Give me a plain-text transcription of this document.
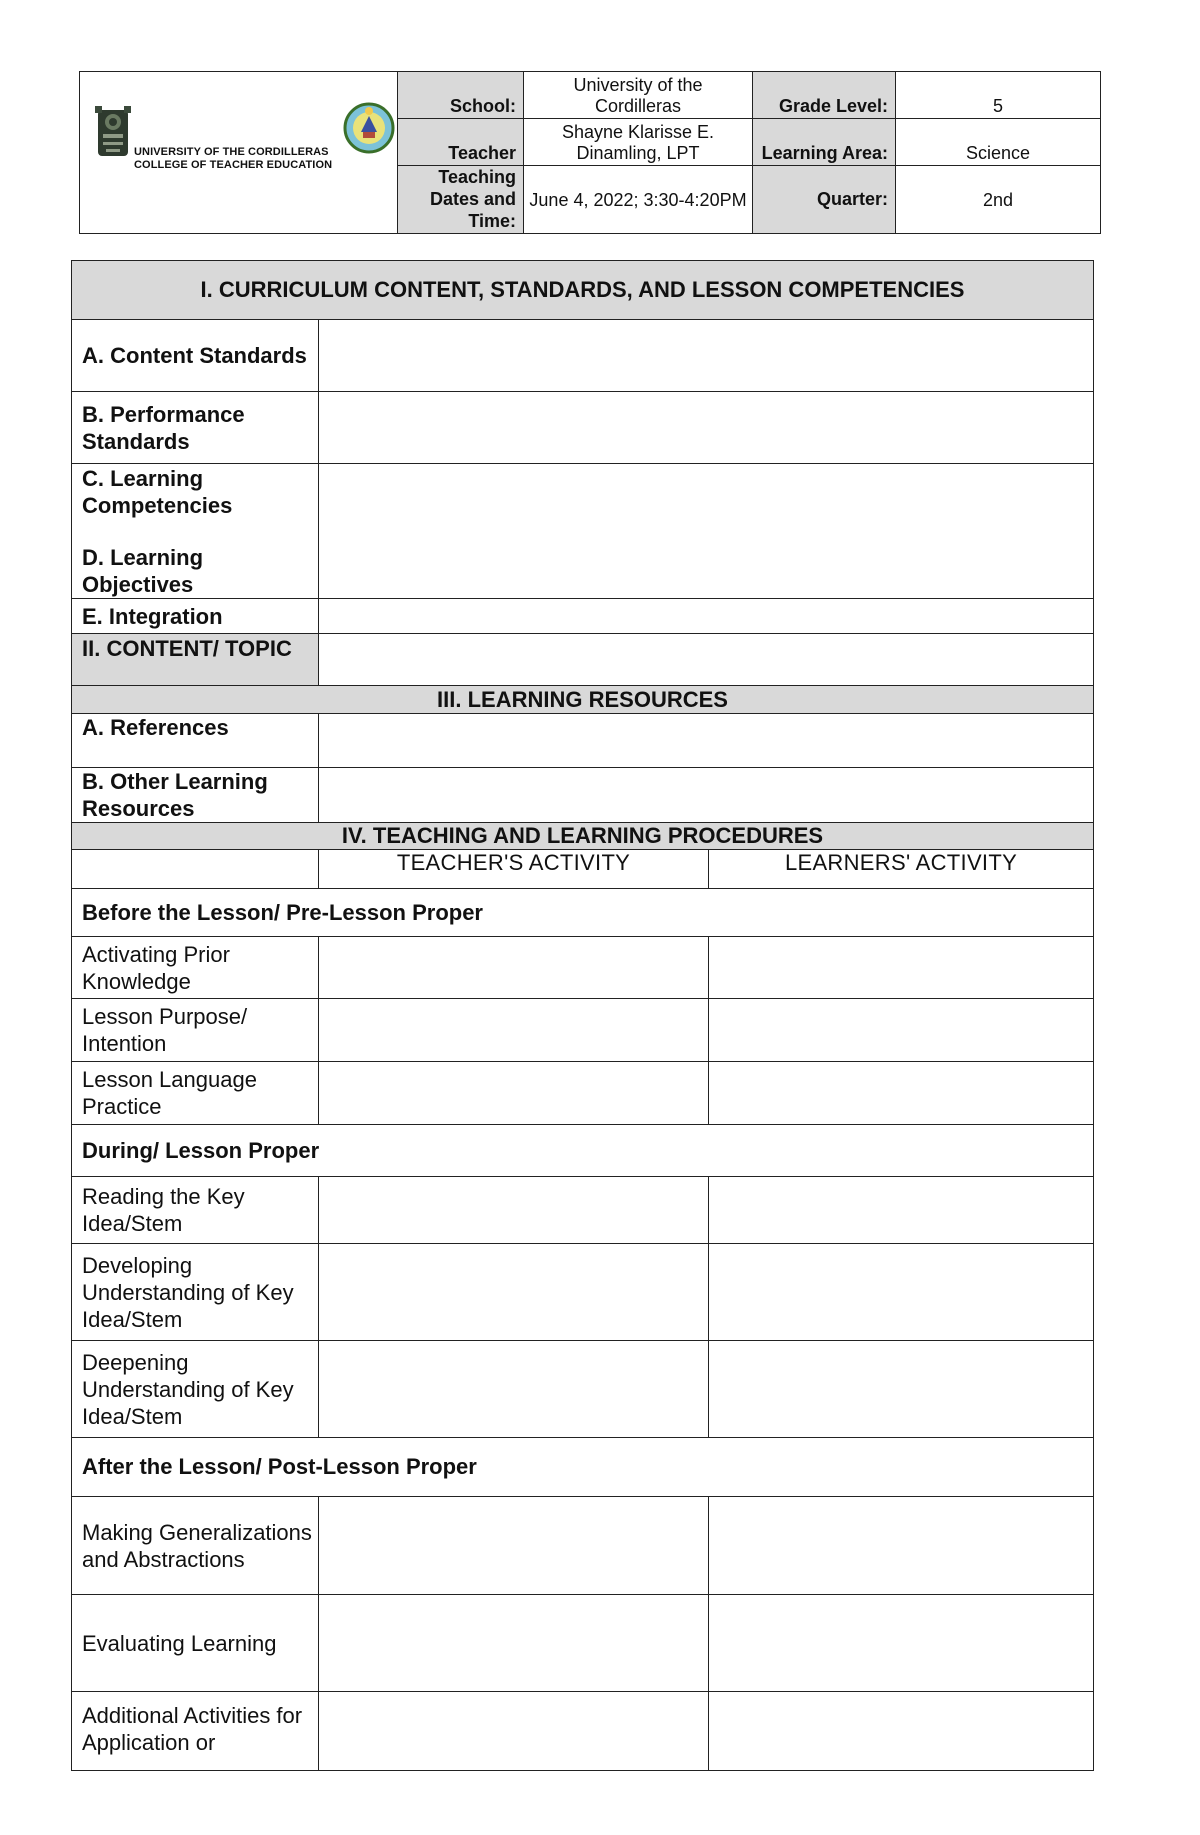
UNIVERSITY OF THE CORDILLERAS
COLLEGE OF TEACHER EDUCATION	School:	University of the Cordilleras	Grade Level:	5
	Teacher	Shayne Klarisse E. Dinamling, LPT	Learning Area:	Science
	Teaching Dates and Time:	June 4, 2022; 3:30-4:20PM	Quarter:	2nd
I. CURRICULUM CONTENT, STANDARDS, AND LESSON COMPETENCIES		
A. Content Standards		
B. Performance Standards		

C. Learning Competencies
D. Learning Objectives		

E. Integration		
II. CONTENT/ TOPIC		
III. LEARNING RESOURCES		
A. References		
B. Other Learning Resources		
IV. TEACHING AND LEARNING PROCEDURES		
	TEACHER'S ACTIVITY	LEARNERS' ACTIVITY
Before the Lesson/ Pre-Lesson Proper		
Activating Prior Knowledge		
Lesson Purpose/ Intention		
Lesson Language Practice		
During/ Lesson Proper		
Reading the Key Idea/Stem		
Developing Understanding of Key Idea/Stem		
Deepening Understanding of Key Idea/Stem		
After the Lesson/ Post-Lesson Proper		
Making Generalizations and Abstractions		
Evaluating Learning		
Additional Activities for Application or		
